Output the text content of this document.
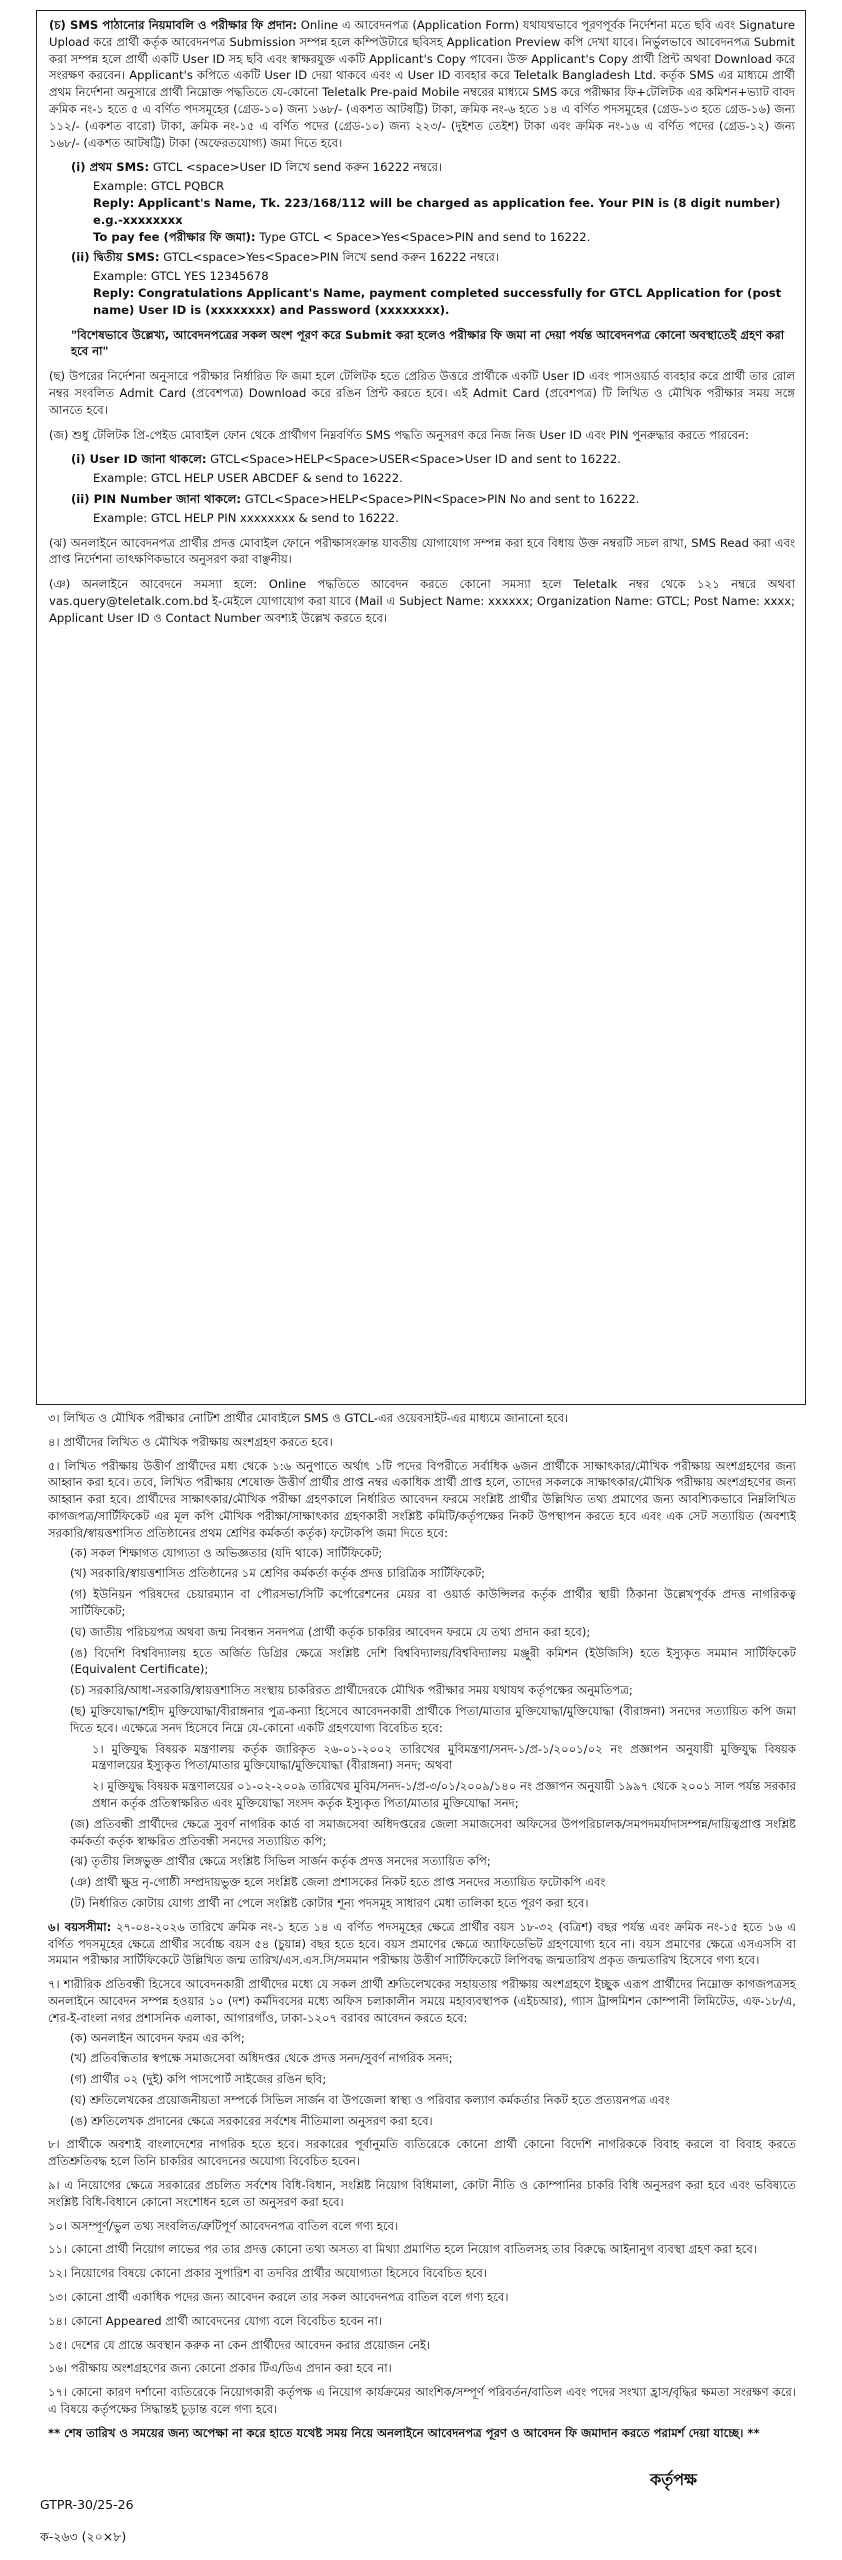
(চ) SMS পাঠানোর নিয়মাবলি ও পরীক্ষার ফি প্রদান: Online এ আবেদনপত্র (Application Form) যথাযথভাবে পূরণপূর্বক নির্দেশনা মতে ছবি এবং Signature Upload করে প্রার্থী কর্তৃক আবেদনপত্র Submission সম্পন্ন হলে কম্পিউটারে ছবিসহ Application Preview কপি দেখা যাবে। নির্ভুলভাবে আবেদনপত্র Submit করা সম্পন্ন হলে প্রার্থী একটি User ID সহ ছবি এবং স্বাক্ষরযুক্ত একটি Applicant's Copy পাবেন। উক্ত Applicant's Copy প্রার্থী প্রিন্ট অথবা Download করে সংরক্ষণ করবেন। Applicant's কপিতে একটি User ID দেয়া থাকবে এবং এ User ID ব্যবহার করে Teletalk Bangladesh Ltd. কর্তৃক SMS এর মাধ্যমে প্রার্থী প্রথম নির্দেশনা অনুসারে প্রার্থী নিম্নোক্ত পদ্ধতিতে যে-কোনো Teletalk Pre-paid Mobile নম্বরের মাধ্যমে SMS করে পরীক্ষার ফি+টেলিটক এর কমিশন+ভ্যাট বাবদ ক্রমিক নং-১ হতে ৫ এ বর্ণিত পদসমূহের (গ্রেড-১০) জন্য ১৬৮/- (একশত আটষট্টি) টাকা, ক্রমিক নং-৬ হতে ১৪ এ বর্ণিত পদসমূহের (গ্রেড-১৩ হতে গ্রেড-১৬) জন্য ১১২/- (একশত বারো) টাকা, ক্রমিক নং-১৫ এ বর্ণিত পদের (গ্রেড-১০) জন্য ২২৩/- (দুইশত তেইশ) টাকা এবং ক্রমিক নং-১৬ এ বর্ণিত পদের (গ্রেড-১২) জন্য ১৬৮/- (একশত আটষট্টি) টাকা (অফেরতযোগ্য) জমা দিতে হবে।

(i) প্রথম SMS: GTCL <space>User ID লিখে send করুন 16222 নম্বরে।

Example: GTCL PQBCR

Reply: Applicant's Name, Tk. 223/168/112 will be charged as application fee. Your PIN is (8 digit number) e.g.-xxxxxxxx

To pay fee (পরীক্ষার ফি জমা): Type GTCL < Space>Yes<Space>PIN and send to 16222.

(ii) দ্বিতীয় SMS: GTCL<space>Yes<Space>PIN লিখে send করুন 16222 নম্বরে।

Example: GTCL YES 12345678

Reply: Congratulations Applicant's Name, payment completed successfully for GTCL Application for (post name) User ID is (xxxxxxxx) and Password (xxxxxxxx).

"বিশেষভাবে উল্লেখ্য, আবেদনপত্রের সকল অংশ পূরণ করে Submit করা হলেও পরীক্ষার ফি জমা না দেয়া পর্যন্ত আবেদনপত্র কোনো অবস্থাতেই গ্রহণ করা হবে না"

(ছ) উপরের নির্দেশনা অনুসারে পরীক্ষার নির্ধারিত ফি জমা হলে টেলিটক হতে প্রেরিত উত্তরে প্রার্থীকে একটি User ID এবং পাসওয়ার্ড ব্যবহার করে প্রার্থী তার রোল নম্বর সংবলিত Admit Card (প্রবেশপত্র) Download করে রঙিন প্রিন্ট করতে হবে। এই Admit Card (প্রবেশপত্র) টি লিখিত ও মৌখিক পরীক্ষার সময় সঙ্গে আনতে হবে।

(জ) শুধু টেলিটক প্রি-পেইড মোবাইল ফোন থেকে প্রার্থীগণ নিম্নবর্ণিত SMS পদ্ধতি অনুসরণ করে নিজ নিজ User ID এবং PIN পুনরুদ্ধার করতে পারবেন:

(i) User ID জানা থাকলে: GTCL<Space>HELP<Space>USER<Space>User ID and sent to 16222.

Example: GTCL HELP USER ABCDEF & send to 16222.

(ii) PIN Number জানা থাকলে: GTCL<Space>HELP<Space>PIN<Space>PIN No and sent to 16222.

Example: GTCL HELP PIN xxxxxxxx & send to 16222.

(ঝ) অনলাইনে আবেদনপত্র প্রার্থীর প্রদত্ত মোবাইল ফোনে পরীক্ষাসংক্রান্ত যাবতীয় যোগাযোগ সম্পন্ন করা হবে বিধায় উক্ত নম্বরটি সচল রাখা, SMS Read করা এবং প্রাপ্ত নির্দেশনা তাৎক্ষণিকভাবে অনুসরণ করা বাঞ্ছনীয়।

(ঞ) অনলাইনে আবেদনে সমস্যা হলে: Online পদ্ধতিতে আবেদন করতে কোনো সমস্যা হলে Teletalk নম্বর থেকে ১২১ নম্বরে অথবা vas.query@teletalk.com.bd ই-মেইলে যোগাযোগ করা যাবে (Mail এ Subject Name: xxxxxx; Organization Name: GTCL; Post Name: xxxx; Applicant User ID ও Contact Number অবশ্যই উল্লেখ করতে হবে।

৩। লিখিত ও মৌখিক পরীক্ষার নোটিশ প্রার্থীর মোবাইলে SMS ও GTCL-এর ওয়েবসাইট-এর মাধ্যমে জানানো হবে।

৪। প্রার্থীদের লিখিত ও মৌখিক পরীক্ষায় অংশগ্রহণ করতে হবে।

৫। লিখিত পরীক্ষায় উত্তীর্ণ প্রার্থীদের মধ্য থেকে ১:৬ অনুপাতে অর্থাৎ ১টি পদের বিপরীতে সর্বাধিক ৬জন প্রার্থীকে সাক্ষাৎকার/মৌখিক পরীক্ষায় অংশগ্রহণের জন্য আহ্বান করা হবে। তবে, লিখিত পরীক্ষায় শেষোক্ত উত্তীর্ণ প্রার্থীর প্রাপ্ত নম্বর একাধিক প্রার্থী প্রাপ্ত হলে, তাদের সকলকে সাক্ষাৎকার/মৌখিক পরীক্ষায় অংশগ্রহণের জন্য আহ্বান করা হবে। প্রার্থীদের সাক্ষাৎকার/মৌখিক পরীক্ষা গ্রহণকালে নির্ধারিত আবেদন ফরমে সংশ্লিষ্ট প্রার্থীর উল্লিখিত তথ্য প্রমাণের জন্য আবশ্যিকভাবে নিম্নলিখিত কাগজপত্র/সার্টিফিকেট এর মূল কপি মৌখিক পরীক্ষা/সাক্ষাৎকার গ্রহণকারী সংশ্লিষ্ট কমিটি/কর্তৃপক্ষের নিকট উপস্থাপন করতে হবে এবং এক সেট সত্যায়িত (অবশ্যই সরকারি/স্বায়ত্তশাসিত প্রতিষ্ঠানের প্রথম শ্রেণির কর্মকর্তা কর্তৃক) ফটোকপি জমা দিতে হবে:

(ক) সকল শিক্ষাগত যোগ্যতা ও অভিজ্ঞতার (যদি থাকে) সার্টিফিকেট;

(খ) সরকারি/স্বায়ত্তশাসিত প্রতিষ্ঠানের ১ম শ্রেণির কর্মকর্তা কর্তৃক প্রদত্ত চারিত্রিক সার্টিফিকেট;

(গ) ইউনিয়ন পরিষদের চেয়ারম্যান বা পৌরসভা/সিটি কর্পোরেশনের মেয়র বা ওয়ার্ড কাউন্সিলর কর্তৃক প্রার্থীর স্থায়ী ঠিকানা উল্লেখপূর্বক প্রদত্ত নাগরিকত্ব সার্টিফিকেট;

(ঘ) জাতীয় পরিচয়পত্র অথবা জন্ম নিবন্ধন সনদপত্র (প্রার্থী কর্তৃক চাকরির আবেদন ফরমে যে তথ্য প্রদান করা হবে);

(ঙ) বিদেশি বিশ্ববিদ্যালয় হতে অর্জিত ডিগ্রির ক্ষেত্রে সংশ্লিষ্ট দেশি বিশ্ববিদ্যালয়/বিশ্ববিদ্যালয় মঞ্জুরী কমিশন (ইউজিসি) হতে ইস্যুকৃত সমমান সার্টিফিকেট (Equivalent Certificate);

(চ) সরকারি/আধা-সরকারি/স্বায়ত্তশাসিত সংস্থায় চাকরিরত প্রার্থীদেরকে মৌখিক পরীক্ষার সময় যথাযথ কর্তৃপক্ষের অনুমতিপত্র;

(ছ) মুক্তিযোদ্ধা/শহীদ মুক্তিযোদ্ধা/বীরাঙ্গনার পুত্র-কন্যা হিসেবে আবেদনকারী প্রার্থীকে পিতা/মাতার মুক্তিযোদ্ধা/মুক্তিযোদ্ধা (বীরাঙ্গনা) সনদের সত্যায়িত কপি জমা দিতে হবে। এক্ষেত্রে সনদ হিসেবে নিম্নে যে-কোনো একটি গ্রহণযোগ্য বিবেচিত হবে:

১। মুক্তিযুদ্ধ বিষয়ক মন্ত্রণালয় কর্তৃক জারিকৃত ২৬-০১-২০০২ তারিখের মুবিমন্ত্রণা/সনদ-১/প্র-১/২০০১/০২ নং প্রজ্ঞাপন অনুযায়ী মুক্তিযুদ্ধ বিষয়ক মন্ত্রণালয়ের ইস্যুকৃত পিতা/মাতার মুক্তিযোদ্ধা/মুক্তিযোদ্ধা (বীরাঙ্গনা) সনদ; অথবা

২। মুক্তিযুদ্ধ বিষয়ক মন্ত্রণালয়ের ০১-০২-২০০৯ তারিখের মুবিম/সনদ-১/প্র-৩/০১/২০০৯/১৪০ নং প্রজ্ঞাপন অনুযায়ী ১৯৯৭ থেকে ২০০১ সাল পর্যন্ত সরকার প্রধান কর্তৃক প্রতিস্বাক্ষরিত এবং মুক্তিযোদ্ধা সংসদ কর্তৃক ইস্যুকৃত পিতা/মাতার মুক্তিযোদ্ধা সনদ;

(জ) প্রতিবন্ধী প্রার্থীদের ক্ষেত্রে সুবর্ণ নাগরিক কার্ড বা সমাজসেবা অধিদপ্তরের জেলা সমাজসেবা অফিসের উপপরিচালক/সমপদমর্যাদাসম্পন্ন/দায়িত্বপ্রাপ্ত সংশ্লিষ্ট কর্মকর্তা কর্তৃক স্বাক্ষরিত প্রতিবন্ধী সনদের সত্যায়িত কপি;

(ঝ) তৃতীয় লিঙ্গভুক্ত প্রার্থীর ক্ষেত্রে সংশ্লিষ্ট সিভিল সার্জন কর্তৃক প্রদত্ত সনদের সত্যায়িত কপি;

(ঞ) প্রার্থী ক্ষুদ্র নৃ-গোষ্ঠী সম্প্রদায়ভুক্ত হলে সংশ্লিষ্ট জেলা প্রশাসকের নিকট হতে প্রাপ্ত সনদের সত্যায়িত ফটোকপি এবং

(ট) নির্ধারিত কোটায় যোগ্য প্রার্থী না পেলে সংশ্লিষ্ট কোটার শূন্য পদসমূহ সাধারণ মেধা তালিকা হতে পূরণ করা হবে।

৬। বয়সসীমা: ২৭-০৪-২০২৬ তারিখে ক্রমিক নং-১ হতে ১৪ এ বর্ণিত পদসমূহের ক্ষেত্রে প্রার্থীর বয়স ১৮-৩২ (বত্রিশ) বছর পর্যন্ত এবং ক্রমিক নং-১৫ হতে ১৬ এ বর্ণিত পদসমূহের ক্ষেত্রে প্রার্থীর সর্বোচ্চ বয়স ৫৪ (চুয়ান্ন) বছর হতে হবে। বয়স প্রমাণের ক্ষেত্রে অ্যাফিডেভিট গ্রহণযোগ্য হবে না। বয়স প্রমাণের ক্ষেত্রে এসএসসি বা সমমান পরীক্ষার সার্টিফিকেটে উল্লিখিত জন্ম তারিখ/এস.এস.সি/সমমান পরীক্ষায় উত্তীর্ণ সার্টিফিকেটে লিপিবদ্ধ জন্মতারিখ প্রকৃত জন্মতারিখ হিসেবে গণ্য হবে।

৭। শারীরিক প্রতিবন্ধী হিসেবে আবেদনকারী প্রার্থীদের মধ্যে যে সকল প্রার্থী শ্রুতিলেখকের সহায়তায় পরীক্ষায় অংশগ্রহণে ইচ্ছুক এরূপ প্রার্থীদের নিম্নোক্ত কাগজপত্রসহ অনলাইনে আবেদন সম্পন্ন হওয়ার ১০ (দশ) কর্মদিবসের মধ্যে অফিস চলাকালীন সময়ে মহাব্যবস্থাপক (এইচআর), গ্যাস ট্রান্সমিশন কোম্পানী লিমিটেড, এফ-১৮/এ, শের-ই-বাংলা নগর প্রশাসনিক এলাকা, আগারগাঁও, ঢাকা-১২০৭ বরাবর আবেদন করতে হবে:

(ক) অনলাইন আবেদন ফরম এর কপি;

(খ) প্রতিবন্ধিতার স্বপক্ষে সমাজসেবা অধিদপ্তর থেকে প্রদত্ত সনদ/সুবর্ণ নাগরিক সনদ;

(গ) প্রার্থীর ০২ (দুই) কপি পাসপোর্ট সাইজের রঙিন ছবি;

(ঘ) শ্রুতিলেখকের প্রয়োজনীয়তা সম্পর্কে সিভিল সার্জন বা উপজেলা স্বাস্থ্য ও পরিবার কল্যাণ কর্মকর্তার নিকট হতে প্রত্যয়নপত্র এবং

(ঙ) শ্রুতিলেখক প্রদানের ক্ষেত্রে সরকারের সর্বশেষ নীতিমালা অনুসরণ করা হবে।

৮। প্রার্থীকে অবশ্যই বাংলাদেশের নাগরিক হতে হবে। সরকারের পূর্বানুমতি ব্যতিরেকে কোনো প্রার্থী কোনো বিদেশি নাগরিককে বিবাহ করলে বা বিবাহ করতে প্রতিশ্রুতিবদ্ধ হলে তিনি চাকরির আবেদনের অযোগ্য বিবেচিত হবেন।

৯। এ নিয়োগের ক্ষেত্রে সরকারের প্রচলিত সর্বশেষ বিধি-বিধান, সংশ্লিষ্ট নিয়োগ বিধিমালা, কোটা নীতি ও কোম্পানির চাকরি বিধি অনুসরণ করা হবে এবং ভবিষ্যতে সংশ্লিষ্ট বিধি-বিধানে কোনো সংশোধন হলে তা অনুসরণ করা হবে।

১০। অসম্পূর্ণ/ভুল তথ্য সংবলিত/ত্রুটিপূর্ণ আবেদনপত্র বাতিল বলে গণ্য হবে।

১১। কোনো প্রার্থী নিয়োগ লাভের পর তার প্রদত্ত কোনো তথ্য অসত্য বা মিথ্যা প্রমাণিত হলে নিয়োগ বাতিলসহ তার বিরুদ্ধে আইনানুগ ব্যবস্থা গ্রহণ করা হবে।

১২। নিয়োগের বিষয়ে কোনো প্রকার সুপারিশ বা তদবির প্রার্থীর অযোগ্যতা হিসেবে বিবেচিত হবে।

১৩। কোনো প্রার্থী একাধিক পদের জন্য আবেদন করলে তার সকল আবেদনপত্র বাতিল বলে গণ্য হবে।

১৪। কোনো Appeared প্রার্থী আবেদনের যোগ্য বলে বিবেচিত হবেন না।

১৫। দেশের যে প্রান্তে অবস্থান করুক না কেন প্রার্থীদের আবেদন করার প্রয়োজন নেই।

১৬। পরীক্ষায় অংশগ্রহণের জন্য কোনো প্রকার টিএ/ডিএ প্রদান করা হবে না।

১৭। কোনো কারণ দর্শানো ব্যতিরেকে নিয়োগকারী কর্তৃপক্ষ এ নিয়োগ কার্যক্রমের আংশিক/সম্পূর্ণ পরিবর্তন/বাতিল এবং পদের সংখ্যা হ্রাস/বৃদ্ধির ক্ষমতা সংরক্ষণ করে। এ বিষয়ে কর্তৃপক্ষের সিদ্ধান্তই চূড়ান্ত বলে গণ্য হবে।

** শেষ তারিখ ও সময়ের জন্য অপেক্ষা না করে হাতে যথেষ্ট সময় নিয়ে অনলাইনে আবেদনপত্র পূরণ ও আবেদন ফি জমাদান করতে পরামর্শ দেয়া যাচ্ছে। **

কর্তৃপক্ষ
GTPR-30/25-26
ক-২৬৩ (২০×৮)
